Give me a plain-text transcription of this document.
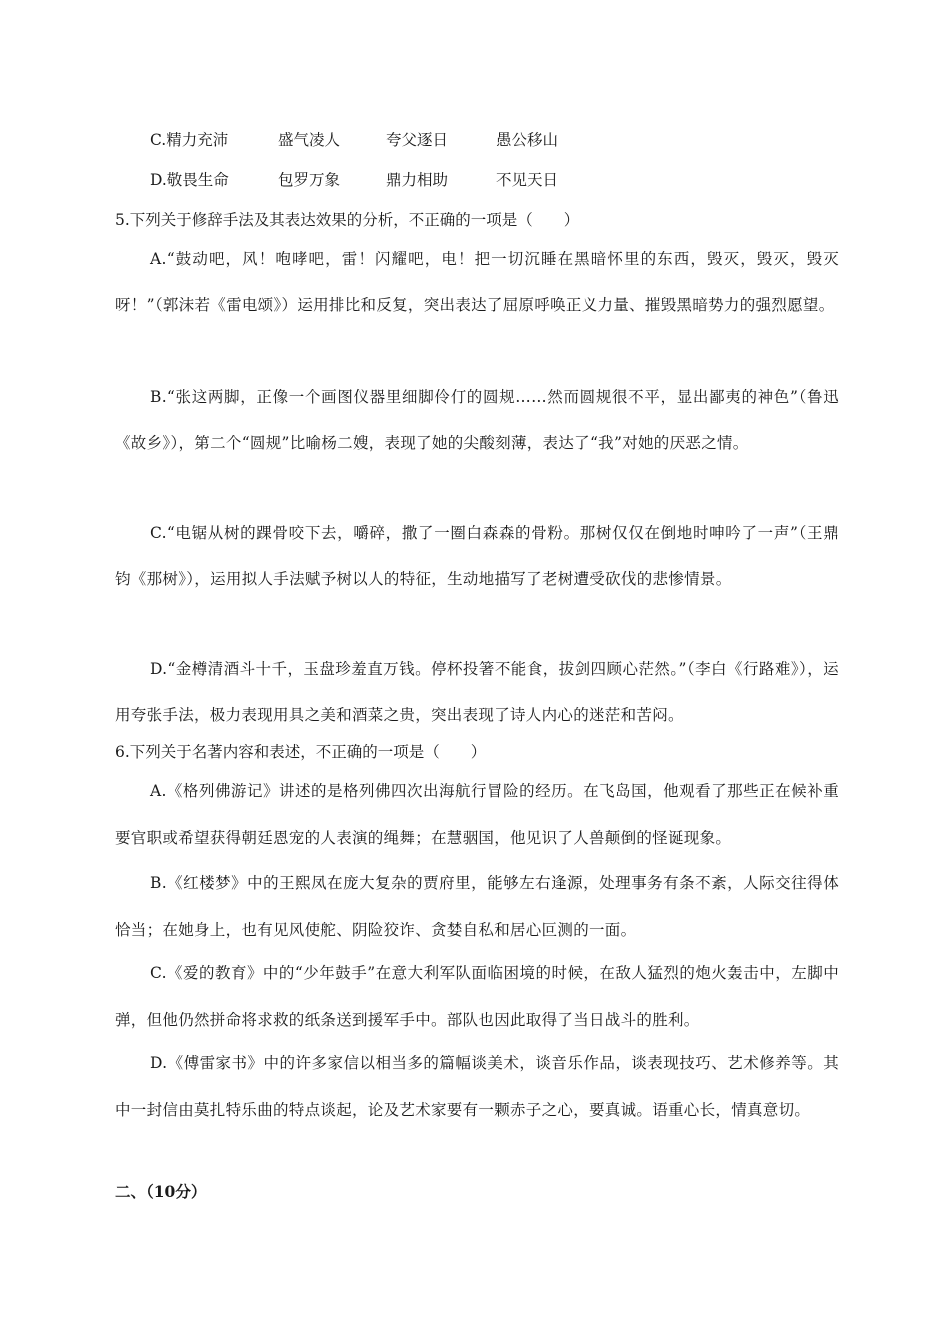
C.精力充沛	盛气凌人	夸父逐日	愚公移山
D.敬畏生命	包罗万象	鼎力相助	不见天日
5.下列关于修辞手法及其表达效果的分析，不正确的一项是（　　）
A.“鼓动吧，风！咆哮吧，雷！闪耀吧，电！把一切沉睡在黑暗怀里的东西，毁灭，毁灭，毁灭呀！”（郭沫若《雷电颂》）运用排比和反复，突出表达了屈原呼唤正义力量、摧毁黑暗势力的强烈愿望。
B.“张这两脚，正像一个画图仪器里细脚伶仃的圆规……然而圆规很不平，显出鄙夷的神色”（鲁迅《故乡》），第二个“圆规”比喻杨二嫂，表现了她的尖酸刻薄，表达了“我”对她的厌恶之情。
C.“电锯从树的踝骨咬下去，嚼碎，撒了一圈白森森的骨粉。那树仅仅在倒地时呻吟了一声”（王鼎钧《那树》），运用拟人手法赋予树以人的特征，生动地描写了老树遭受砍伐的悲惨情景。
D.“金樽清酒斗十千，玉盘珍羞直万钱。停杯投箸不能食，拔剑四顾心茫然。”（李白《行路难》），运用夸张手法，极力表现用具之美和酒菜之贵，突出表现了诗人内心的迷茫和苦闷。
6.下列关于名著内容和表述，不正确的一项是（　　）
A.《格列佛游记》讲述的是格列佛四次出海航行冒险的经历。在飞岛国，他观看了那些正在候补重要官职或希望获得朝廷恩宠的人表演的绳舞；在慧骃国，他见识了人兽颠倒的怪诞现象。
B.《红楼梦》中的王熙凤在庞大复杂的贾府里，能够左右逢源，处理事务有条不紊，人际交往得体恰当；在她身上，也有见风使舵、阴险狡诈、贪婪自私和居心叵测的一面。
C.《爱的教育》中的“少年鼓手”在意大利军队面临困境的时候，在敌人猛烈的炮火轰击中，左脚中弹，但他仍然拼命将求救的纸条送到援军手中。部队也因此取得了当日战斗的胜利。
D.《傅雷家书》中的许多家信以相当多的篇幅谈美术，谈音乐作品，谈表现技巧、艺术修养等。其中一封信由莫扎特乐曲的特点谈起，论及艺术家要有一颗赤子之心，要真诚。语重心长，情真意切。
二、（10分）
